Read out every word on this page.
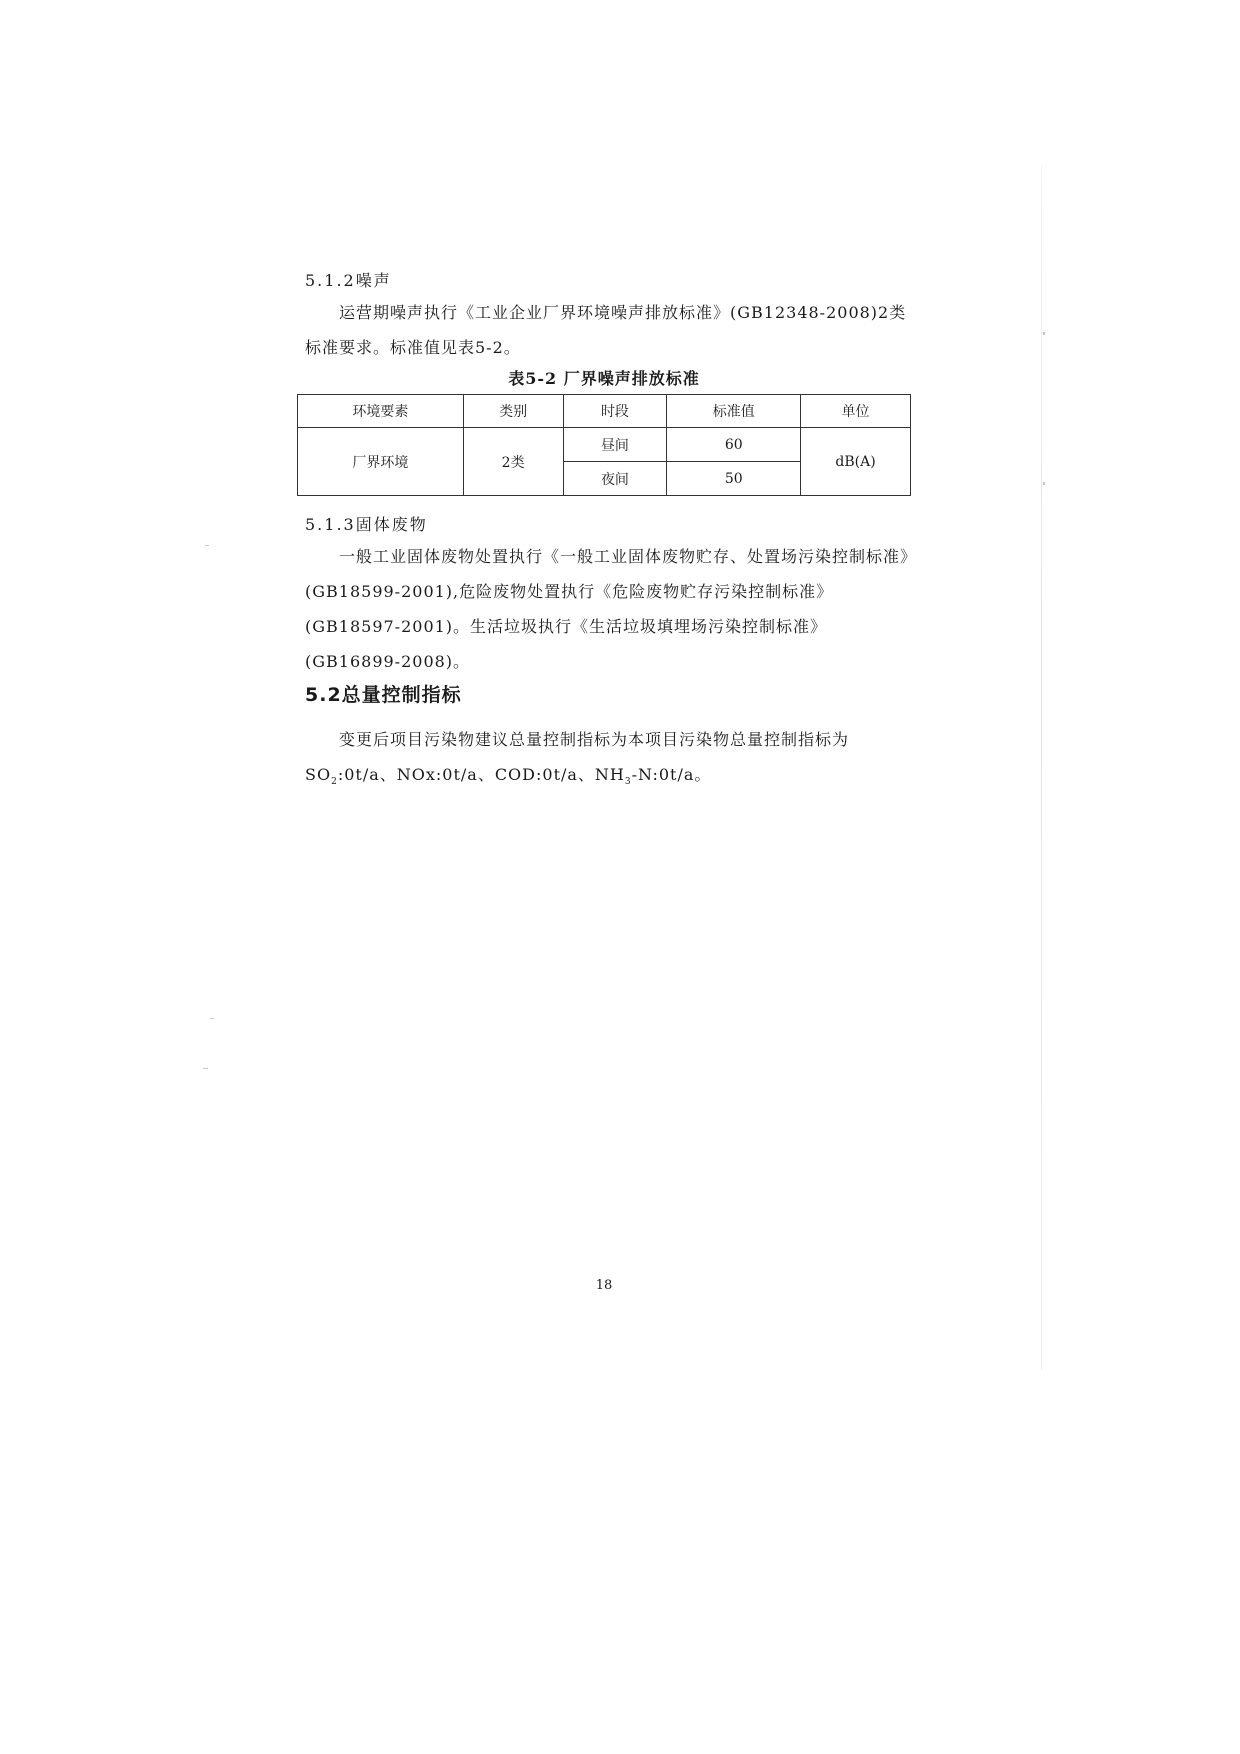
5.1.2噪声

运营期噪声执行《工业企业厂界环境噪声排放标准》(GB12348-2008)2类标准要求。标准值见表5-2。

表5-2 厂界噪声排放标准
环境要素	类别	时段	标准值	单位
厂界环境	2类	昼间	60	dB(A)
		夜间	50	
5.1.3固体废物

一般工业固体废物处置执行《一般工业固体废物贮存、处置场污染控制标准》(GB18599-2001),危险废物处置执行《危险废物贮存污染控制标准》(GB18597-2001)。生活垃圾执行《生活垃圾填埋场污染控制标准》(GB16899-2008)。

5.2总量控制指标

变更后项目污染物建议总量控制指标为本项目污染物总量控制指标为$SO_2:0t/a$、NOx:0t/a、COD:0t/a、$NH_3-N:0t/a$。

18
